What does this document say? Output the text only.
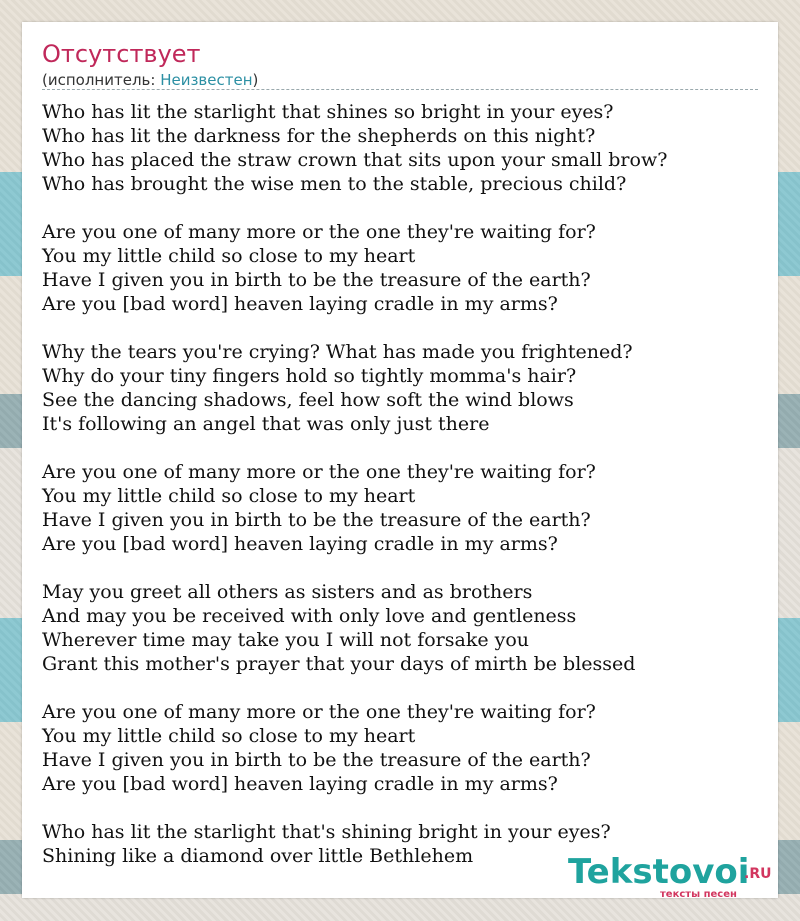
Отсутствует
(исполнитель: Неизвестен)
Who has lit the starlight that shines so bright in your eyes?
Who has lit the darkness for the shepherds on this night?
Who has placed the straw crown that sits upon your small brow?
Who has brought the wise men to the stable, precious child?
Are you one of many more or the one they're waiting for?
You my little child so close to my heart
Have I given you in birth to be the treasure of the earth?
Are you [bad word] heaven laying cradle in my arms?
Why the tears you're crying? What has made you frightened?
Why do your tiny fingers hold so tightly momma's hair?
See the dancing shadows, feel how soft the wind blows
It's following an angel that was only just there
Are you one of many more or the one they're waiting for?
You my little child so close to my heart
Have I given you in birth to be the treasure of the earth?
Are you [bad word] heaven laying cradle in my arms?
May you greet all others as sisters and as brothers
And may you be received with only love and gentleness
Wherever time may take you I will not forsake you
Grant this mother's prayer that your days of mirth be blessed
Are you one of many more or the one they're waiting for?
You my little child so close to my heart
Have I given you in birth to be the treasure of the earth?
Are you [bad word] heaven laying cradle in my arms?
Who has lit the starlight that's shining bright in your eyes?
Shining like a diamond over little Bethlehem	Tekstovoi
.RU
тексты песен
